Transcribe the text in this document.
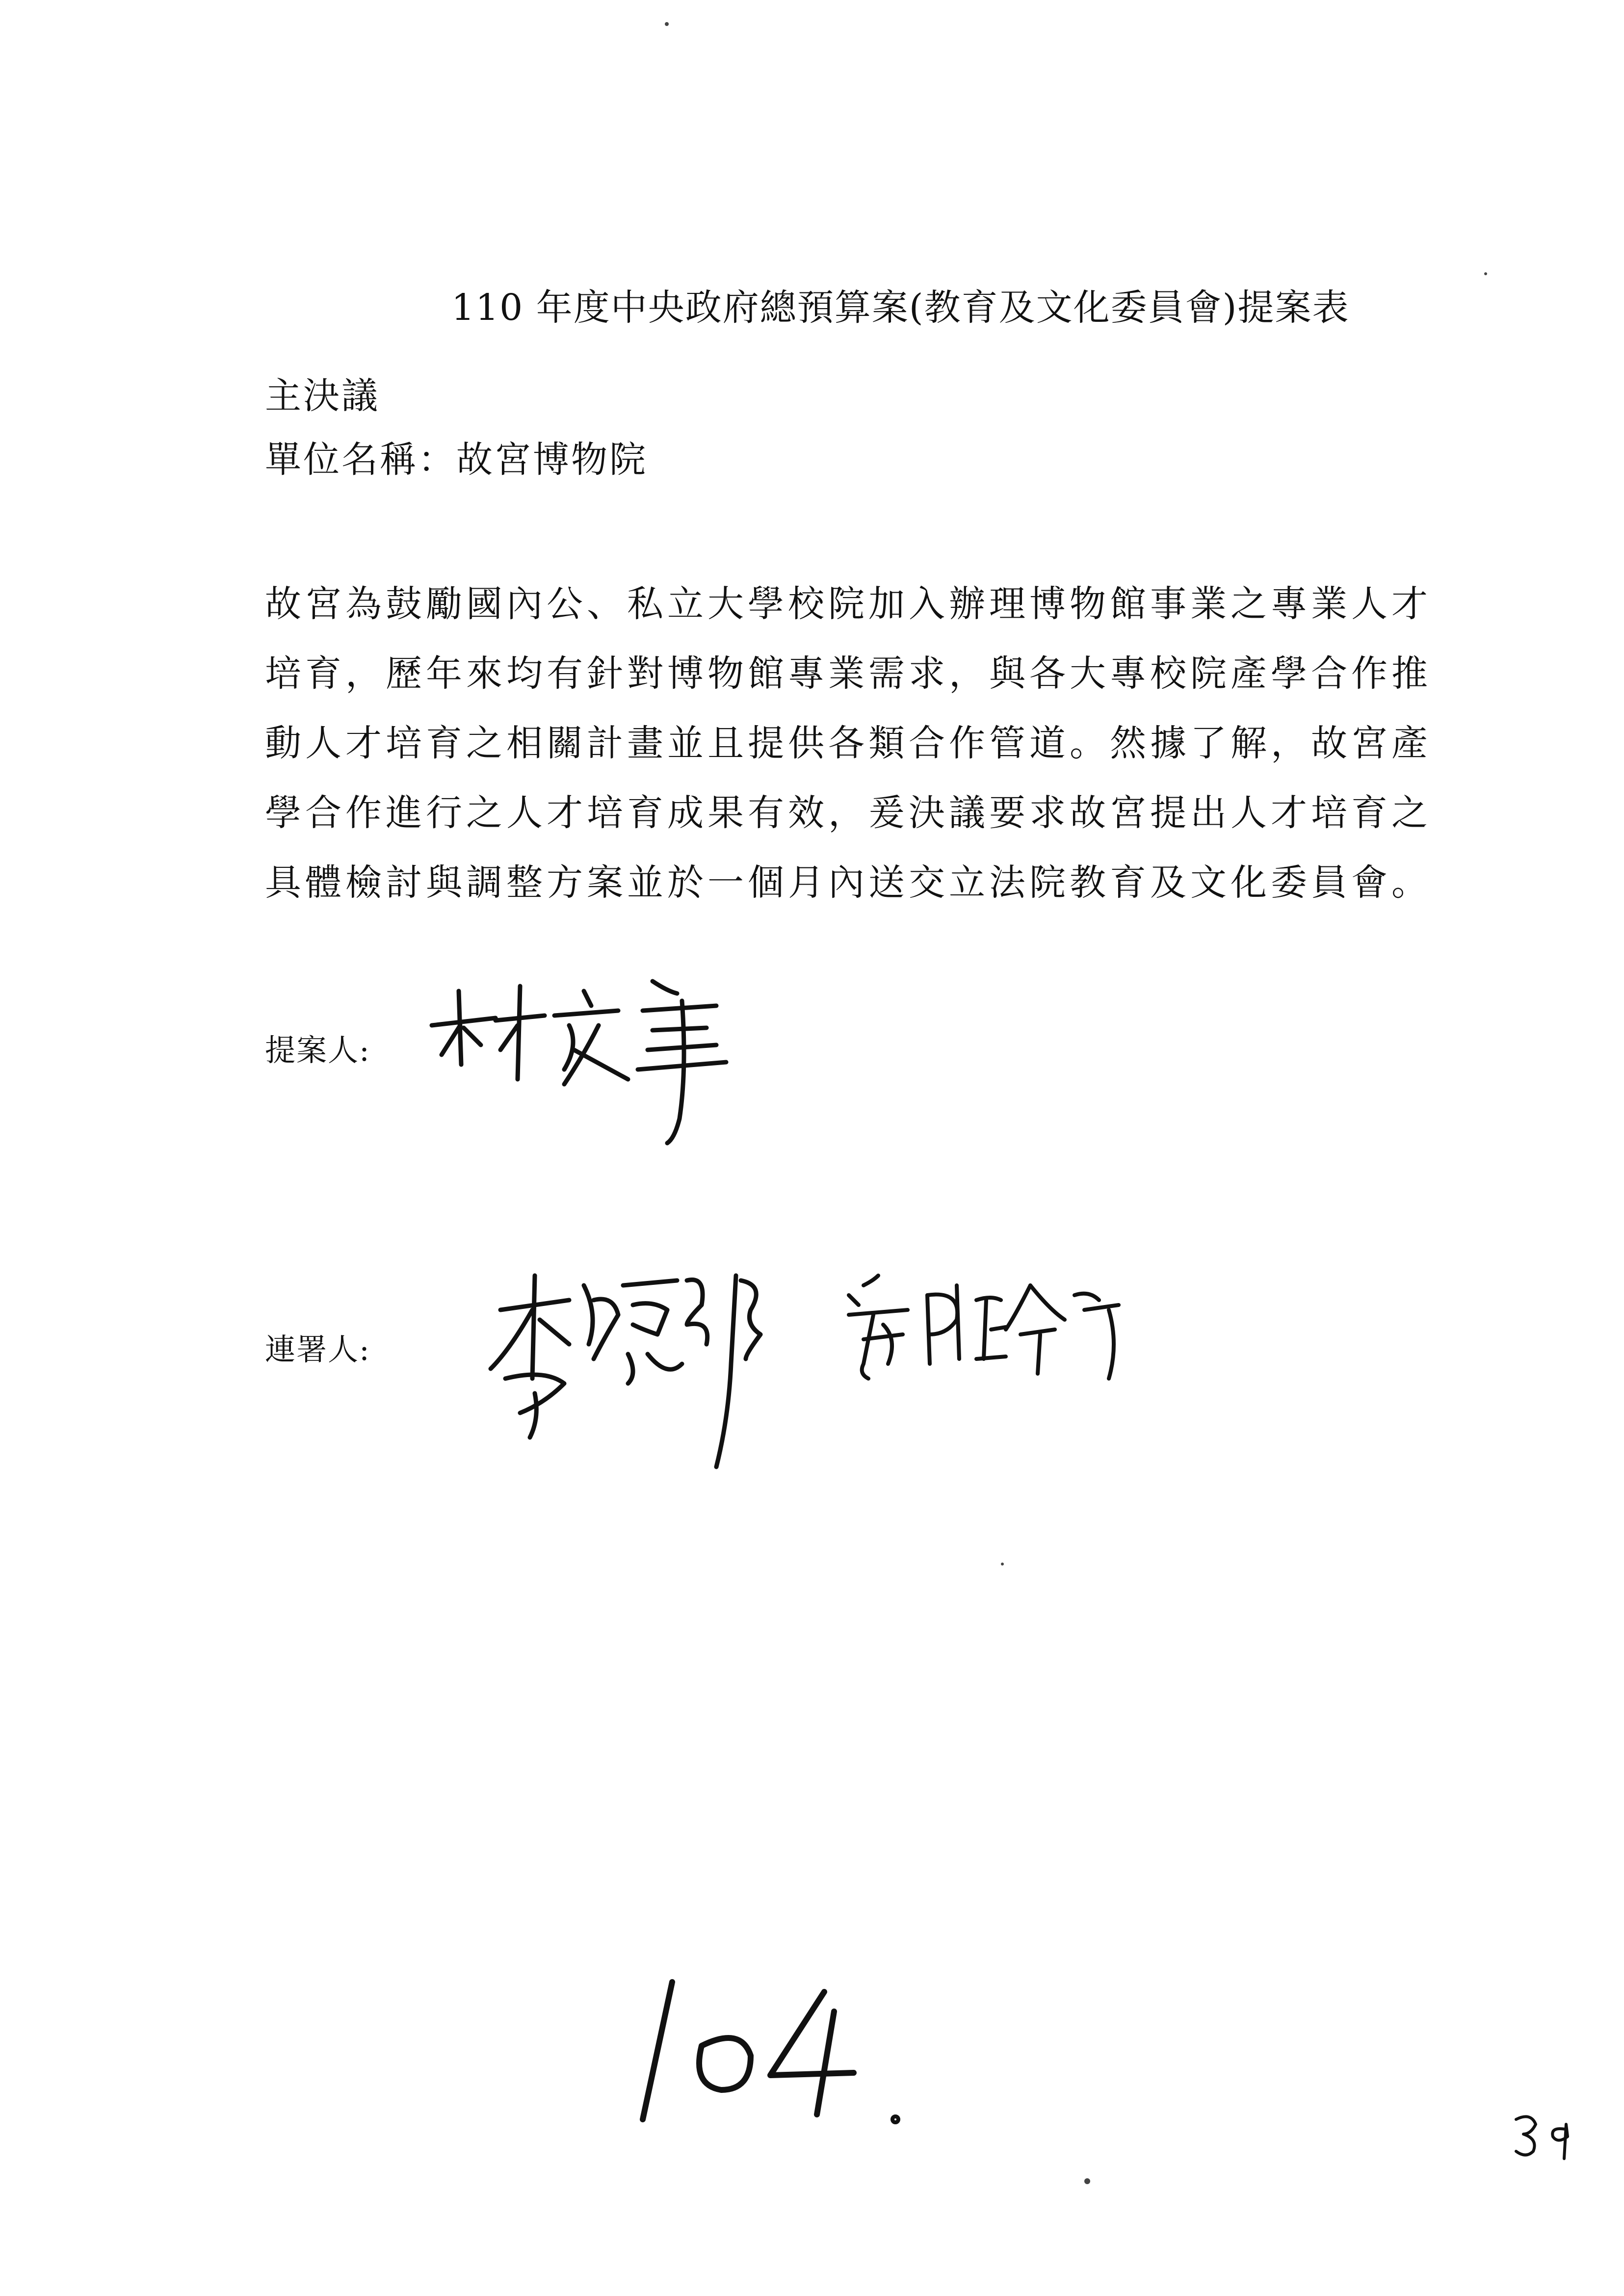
110 年度中央政府總預算案(教育及文化委員會)提案表
主決議
單位名稱：故宮博物院
故宮為鼓勵國內公、私立大學校院加入辦理博物館事業之專業人才
培育，歷年來均有針對博物館專業需求，與各大專校院產學合作推
動人才培育之相關計畫並且提供各類合作管道。然據了解，故宮產
學合作進行之人才培育成果有效，爰決議要求故宮提出人才培育之
具體檢討與調整方案並於一個月內送交立法院教育及文化委員會。
提案人:
連署人:
